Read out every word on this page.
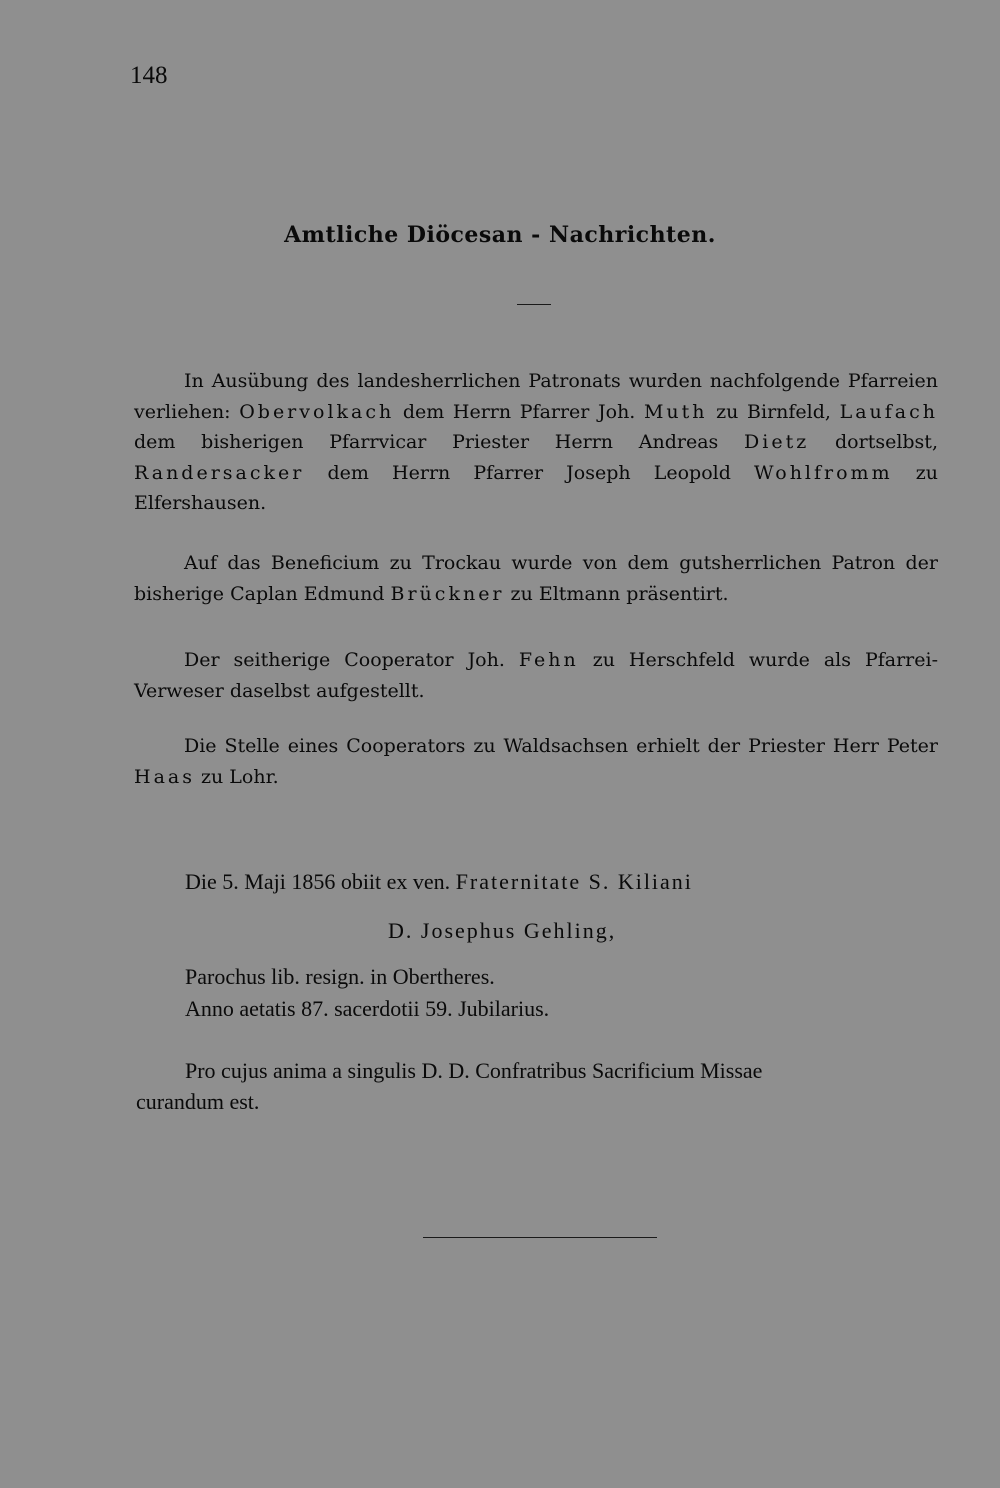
148
Amtliche Diöcesan - Nachrichten.
In Ausübung des landesherrlichen Patronats wurden nachfolgende Pfarreien verliehen: Obervolkach dem Herrn Pfarrer Joh. Muth zu Birnfeld, Laufach dem bisherigen Pfarrvicar Priester Herrn Andreas Dietz dortselbst, Randersacker dem Herrn Pfarrer Joseph Leopold Wohlfromm zu Elfershausen.
Auf das Beneficium zu Trockau wurde von dem gutsherrlichen Patron der bisherige Caplan Edmund Brückner zu Eltmann präsentirt.
Der seitherige Cooperator Joh. Fehn zu Herschfeld wurde als Pfarrei-Verweser daselbst aufgestellt.
Die Stelle eines Cooperators zu Waldsachsen erhielt der Priester Herr Peter Haas zu Lohr.
Die 5. Maji 1856 obiit ex ven. Fraternitate S. Kiliani
D. Josephus Gehling,
Parochus lib. resign. in Obertheres.
Anno aetatis 87. sacerdotii 59. Jubilarius.
Pro cujus anima a singulis D. D. Confratribus Sacrificium Missae
curandum est.
